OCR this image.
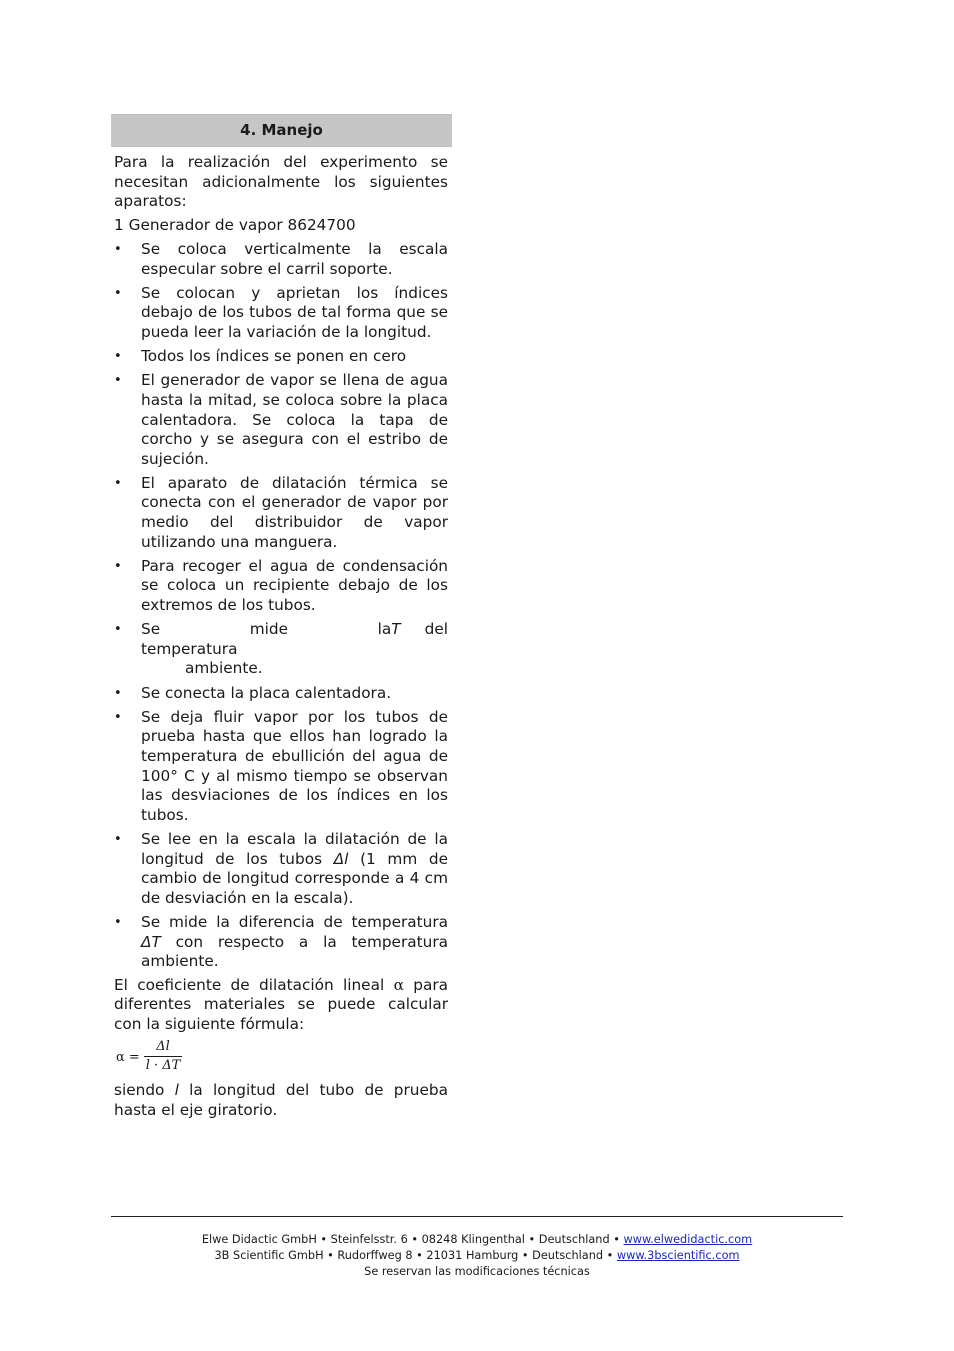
4. Manejo

Para la realización del experimento se necesitan adicionalmente los siguientes aparatos:

1 Generador de vapor 8624700

• Se coloca verticalmente la escala especular sobre el carril soporte.
• Se colocan y aprietan los índices debajo de los tubos de tal forma que se pueda leer la variación de la longitud.
• Todos los índices se ponen en cero
• El generador de vapor se llena de agua hasta la mitad, se coloca sobre la placa calentadora. Se coloca la tapa de corcho y se asegura con el estribo de sujeción.
• El aparato de dilatación térmica se conecta con el generador de vapor por medio del distribuidor de vapor utilizando una manguera.
• Para recoger el agua de condensación se coloca un recipiente debajo de los extremos de los tubos.
• Se mide la temperatura
T del
ambiente.
• Se conecta la placa calentadora.
• Se deja fluir vapor por los tubos de prueba hasta que ellos han logrado la temperatura de ebullición del agua de 100° C y al mismo tiempo se observan las desviaciones de los índices en los tubos.
• Se lee en la escala la dilatación de la longitud de los tubos Δl (1 mm de cambio de longitud corresponde a 4 cm de desviación en la escala).
• Se mide la diferencia de temperatura ΔT con respecto a la temperatura ambiente.

El coeficiente de dilatación lineal α para diferentes materiales se puede calcular con la siguiente fórmula:

α =
Δl
l · ΔT

siendo l la longitud del tubo de prueba hasta el eje giratorio.

Elwe Didactic GmbH • Steinfelsstr. 6 • 08248 Klingenthal • Deutschland • www.elwedidactic.com
3B Scientific GmbH • Rudorffweg 8 • 21031 Hamburg • Deutschland • www.3bscientific.com
Se reservan las modificaciones técnicas
